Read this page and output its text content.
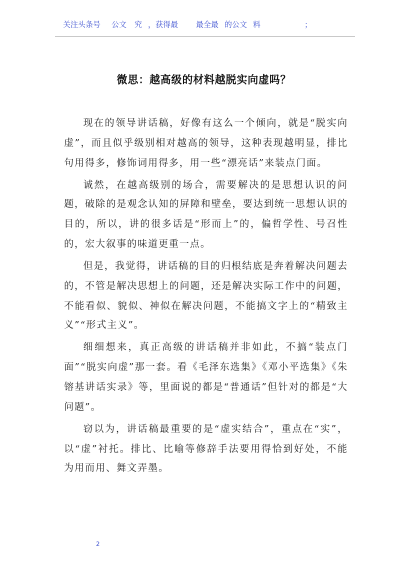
关注头条号 公文 究 ，获得最 最全最 的公文 料	；
微思：越高级的材料越脱实向虚吗？

现在的领导讲话稿，好像有这么一个倾向，就是“脱实向虚”，而且似乎级别相对越高的领导，这种表现越明显，排比句用得多，修饰词用得多，用一些“漂亮话”来装点门面。

诚然，在越高级别的场合，需要解决的是思想认识的问题，破除的是观念认知的屏障和壁垒，要达到统一思想认识的目的，所以，讲的很多话是“形而上”的，偏哲学性、号召性的，宏大叙事的味道更重一点。

但是，我觉得，讲话稿的目的归根结底是奔着解决问题去的，不管是解决思想上的问题，还是解决实际工作中的问题，不能看似、貌似、神似在解决问题，不能搞文字上的“精致主义”“形式主义”。

细细想来，真正高级的讲话稿并非如此，不搞“装点门面”“脱实向虚”那一套。看《毛泽东选集》《邓小平选集》《朱镕基讲话实录》等，里面说的都是“普通话”但针对的都是“大问题”。

窃以为，讲话稿最重要的是“虚实结合”，重点在“实”，以“虚”衬托。排比、比喻等修辞手法要用得恰到好处，不能为用而用、舞文弄墨。

2
